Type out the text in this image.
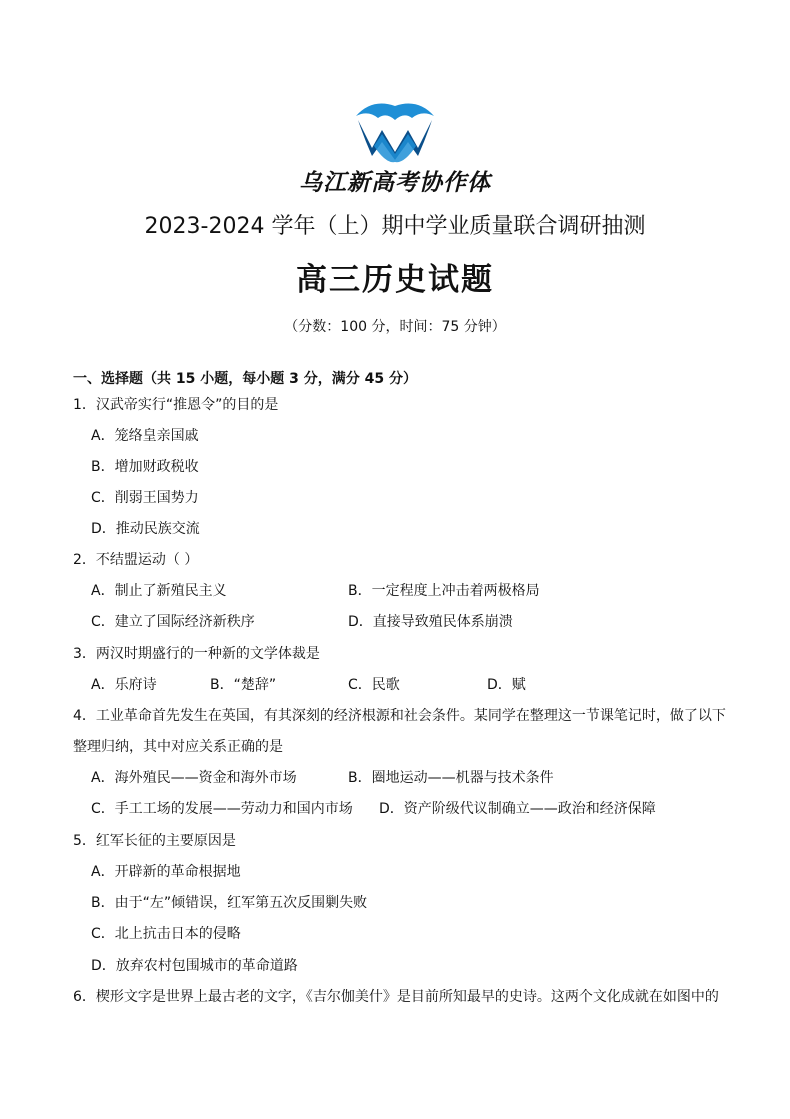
乌江新高考协作体
2023-2024 学年（上）期中学业质量联合调研抽测
高三历史试题
（分数：100 分，时间：75 分钟）
一、选择题（共 15 小题，每小题 3 分，满分 45 分）
1．汉武帝实行“推恩令”的目的是
A．笼络皇亲国戚
B．增加财政税收
C．削弱王国势力
D．推动民族交流
2．不结盟运动（ ）
A．制止了新殖民主义	B．一定程度上冲击着两极格局
C．建立了国际经济新秩序	D．直接导致殖民体系崩溃
3．两汉时期盛行的一种新的文学体裁是
A．乐府诗	B．“楚辞”	C．民歌	D．赋
4．工业革命首先发生在英国，有其深刻的经济根源和社会条件。某同学在整理这一节课笔记时，做了以下
整理归纳，其中对应关系正确的是
A．海外殖民——资金和海外市场	B．圈地运动——机器与技术条件
C．手工工场的发展——劳动力和国内市场 D．资产阶级代议制确立——政治和经济保障
5．红军长征的主要原因是
A．开辟新的革命根据地
B．由于“左”倾错误，红军第五次反围剿失败
C．北上抗击日本的侵略
D．放弃农村包围城市的革命道路
6．楔形文字是世界上最古老的文字，《吉尔伽美什》是目前所知最早的史诗。这两个文化成就在如图中的
